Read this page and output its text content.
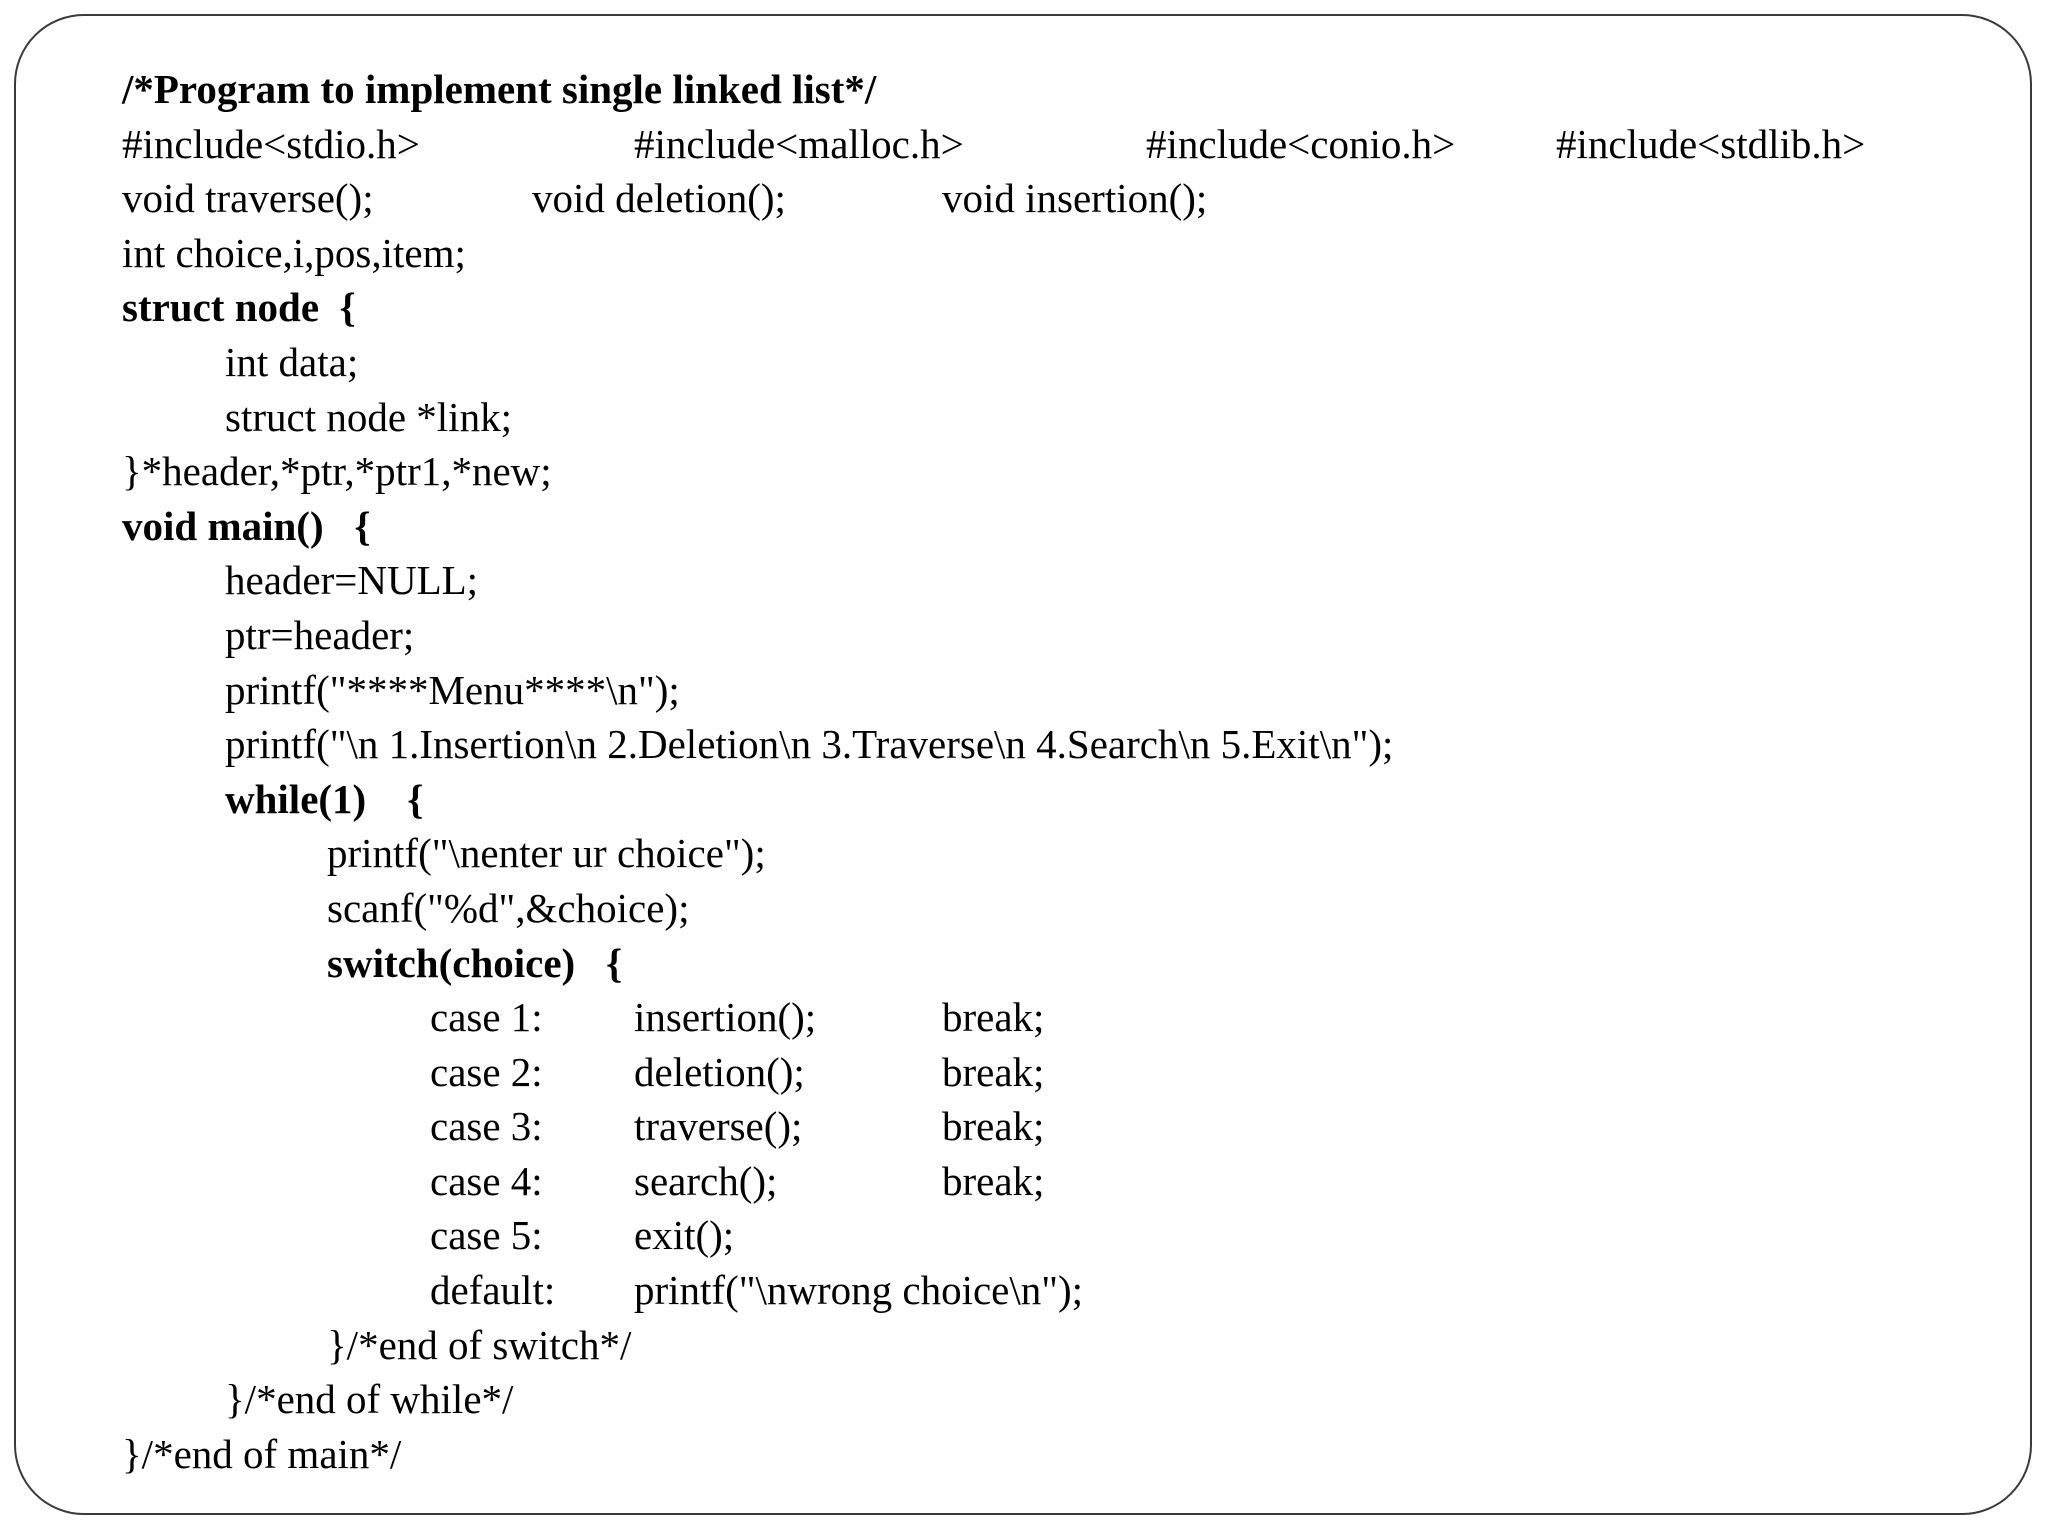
/*Program to implement single linked list*/
#include<stdio.h>	#include<malloc.h>	#include<conio.h> #include<stdlib.h>
void traverse();	void deletion();	void insertion();
int choice,i,pos,item;
struct node  {
int data;
struct node *link;
}*header,*ptr,*ptr1,*new;
void main()   {
header=NULL;
ptr=header;
printf("****Menu****\n");
printf("\n 1.Insertion\n 2.Deletion\n 3.Traverse\n 4.Search\n 5.Exit\n");
while(1)    {
printf("\nenter ur choice");
scanf("%d",&choice);
switch(choice)   {
case 1: insertion();	break;
case 2: deletion();	break;
case 3: traverse();	break;
case 4: search();	break;
case 5: exit();
default: printf("\nwrong choice\n");
}/*end of switch*/
}/*end of while*/
}/*end of main*/
